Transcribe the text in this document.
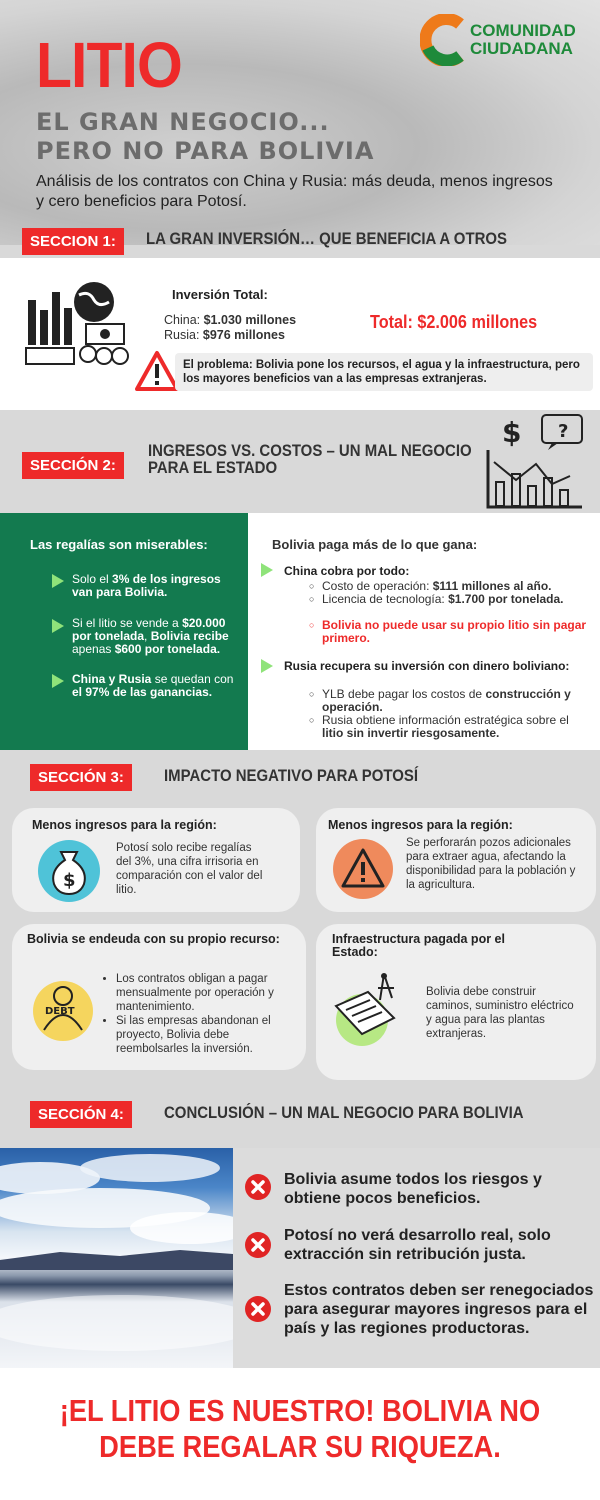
LITIO
EL GRAN NEGOCIO...
PERO NO PARA BOLIVIA
Análisis de los contratos con China y Rusia: más deuda, menos ingresos y cero beneficios para Potosí.
COMUNIDAD
CIUDADANA
SECCION 1:	LA GRAN INVERSIÓN… QUE BENEFICIA A OTROS
Inversión Total:
China: $1.030 millones
Rusia: $976 millones
Total: $2.006 millones
El problema: Bolivia pone los recursos, el agua y la infraestructura, pero los mayores beneficios van a las empresas extranjeras.
SECCIÓN 2:
INGRESOS VS. COSTOS – UN MAL NEGOCIO
PARA EL ESTADO
$ ?
Las regalías son miserables:
Solo el 3% de los ingresos van para Bolivia.
Si el litio se vende a $20.000 por tonelada, Bolivia recibe apenas $600 por tonelada.
China y Rusia se quedan con el 97% de las ganancias.
Bolivia paga más de lo que gana:
China cobra por todo:
○ Costo de operación: $111 millones al año.
○ Licencia de tecnología: $1.700 por tonelada.
○ Bolivia no puede usar su propio litio sin pagar primero.
Rusia recupera su inversión con dinero boliviano:
○ YLB debe pagar los costos de construcción y operación.
○ Rusia obtiene información estratégica sobre el litio sin invertir riesgosamente.
SECCIÓN 3:	IMPACTO NEGATIVO PARA POTOSÍ
Menos ingresos para la región:
$
Potosí solo recibe regalías del 3%, una cifra irrisoria en comparación con el valor del litio.
Menos ingresos para la región:
Se perforarán pozos adicionales para extraer agua, afectando la disponibilidad para la población y la agricultura.
Bolivia se endeuda con su propio recurso:
DEBT
• Los contratos obligan a pagar mensualmente por operación y mantenimiento.
• Si las empresas abandonan el proyecto, Bolivia debe reembolsarles la inversión.
Infraestructura pagada por el Estado:
Bolivia debe construir caminos, suministro eléctrico y agua para las plantas extranjeras.
SECCIÓN 4:	CONCLUSIÓN – UN MAL NEGOCIO PARA BOLIVIA
Bolivia asume todos los riesgos y obtiene pocos beneficios.
Potosí no verá desarrollo real, solo extracción sin retribución justa.
Estos contratos deben ser renegociados para asegurar mayores ingresos para el país y las regiones productoras.
¡EL LITIO ES NUESTRO! BOLIVIA NO
DEBE REGALAR SU RIQUEZA.
